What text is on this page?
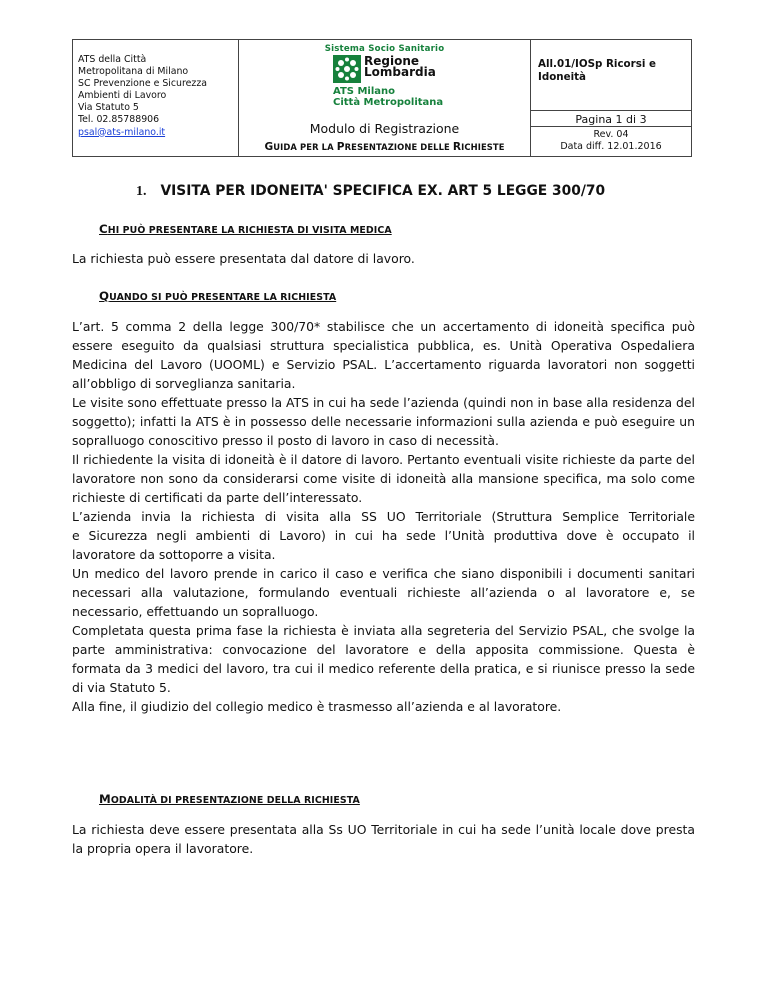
ATS della Città
Metropolitana di Milano
SC Prevenzione e Sicurezza
Ambienti di Lavoro
Via Statuto 5
Tel. 02.85788906
psal@ats-milano.it
Sistema Socio Sanitario
Regione
Lombardia
ATS Milano
Città Metropolitana
Modulo di Registrazione
GUIDA PER LA PRESENTAZIONE DELLE RICHIESTE
All.01/IOSp Ricorsi e
Idoneità
Pagina 1 di 3
Rev. 04
Data diff. 12.01.2016
1. VISITA PER IDONEITA' SPECIFICA EX. ART 5 LEGGE 300/70
CHI PUÒ PRESENTARE LA RICHIESTA DI VISITA MEDICA
La richiesta può essere presentata dal datore di lavoro.
QUANDO SI PUÒ PRESENTARE LA RICHIESTA
L’art. 5 comma 2 della legge 300/70* stabilisce che un accertamento di idoneità specifica può
essere eseguito da qualsiasi struttura specialistica pubblica, es. Unità Operativa Ospedaliera
Medicina del Lavoro (UOOML) e Servizio PSAL. L’accertamento riguarda lavoratori non soggetti
all’obbligo di sorveglianza sanitaria.
Le visite sono effettuate presso la ATS in cui ha sede l’azienda (quindi non in base alla residenza del
soggetto); infatti la ATS è in possesso delle necessarie informazioni sulla azienda e può eseguire un
sopralluogo conoscitivo presso il posto di lavoro in caso di necessità.
Il richiedente la visita di idoneità è il datore di lavoro. Pertanto eventuali visite richieste da parte del
lavoratore non sono da considerarsi come visite di idoneità alla mansione specifica, ma solo come
richieste di certificati da parte dell’interessato.
L’azienda invia la richiesta di visita alla SS UO Territoriale (Struttura Semplice Territoriale
e Sicurezza negli ambienti di Lavoro) in cui ha sede l’Unità produttiva dove è occupato il
lavoratore da sottoporre a visita.
Un medico del lavoro prende in carico il caso e verifica che siano disponibili i documenti sanitari
necessari alla valutazione, formulando eventuali richieste all’azienda o al lavoratore e, se
necessario, effettuando un sopralluogo.
Completata questa prima fase la richiesta è inviata alla segreteria del Servizio PSAL, che svolge la
parte amministrativa: convocazione del lavoratore e della apposita commissione. Questa è
formata da 3 medici del lavoro, tra cui il medico referente della pratica, e si riunisce presso la sede
di via Statuto 5.
Alla fine, il giudizio del collegio medico è trasmesso all’azienda e al lavoratore.
MODALITÀ DI PRESENTAZIONE DELLA RICHIESTA
La richiesta deve essere presentata alla Ss UO Territoriale in cui ha sede l’unità locale dove presta
la propria opera il lavoratore.
